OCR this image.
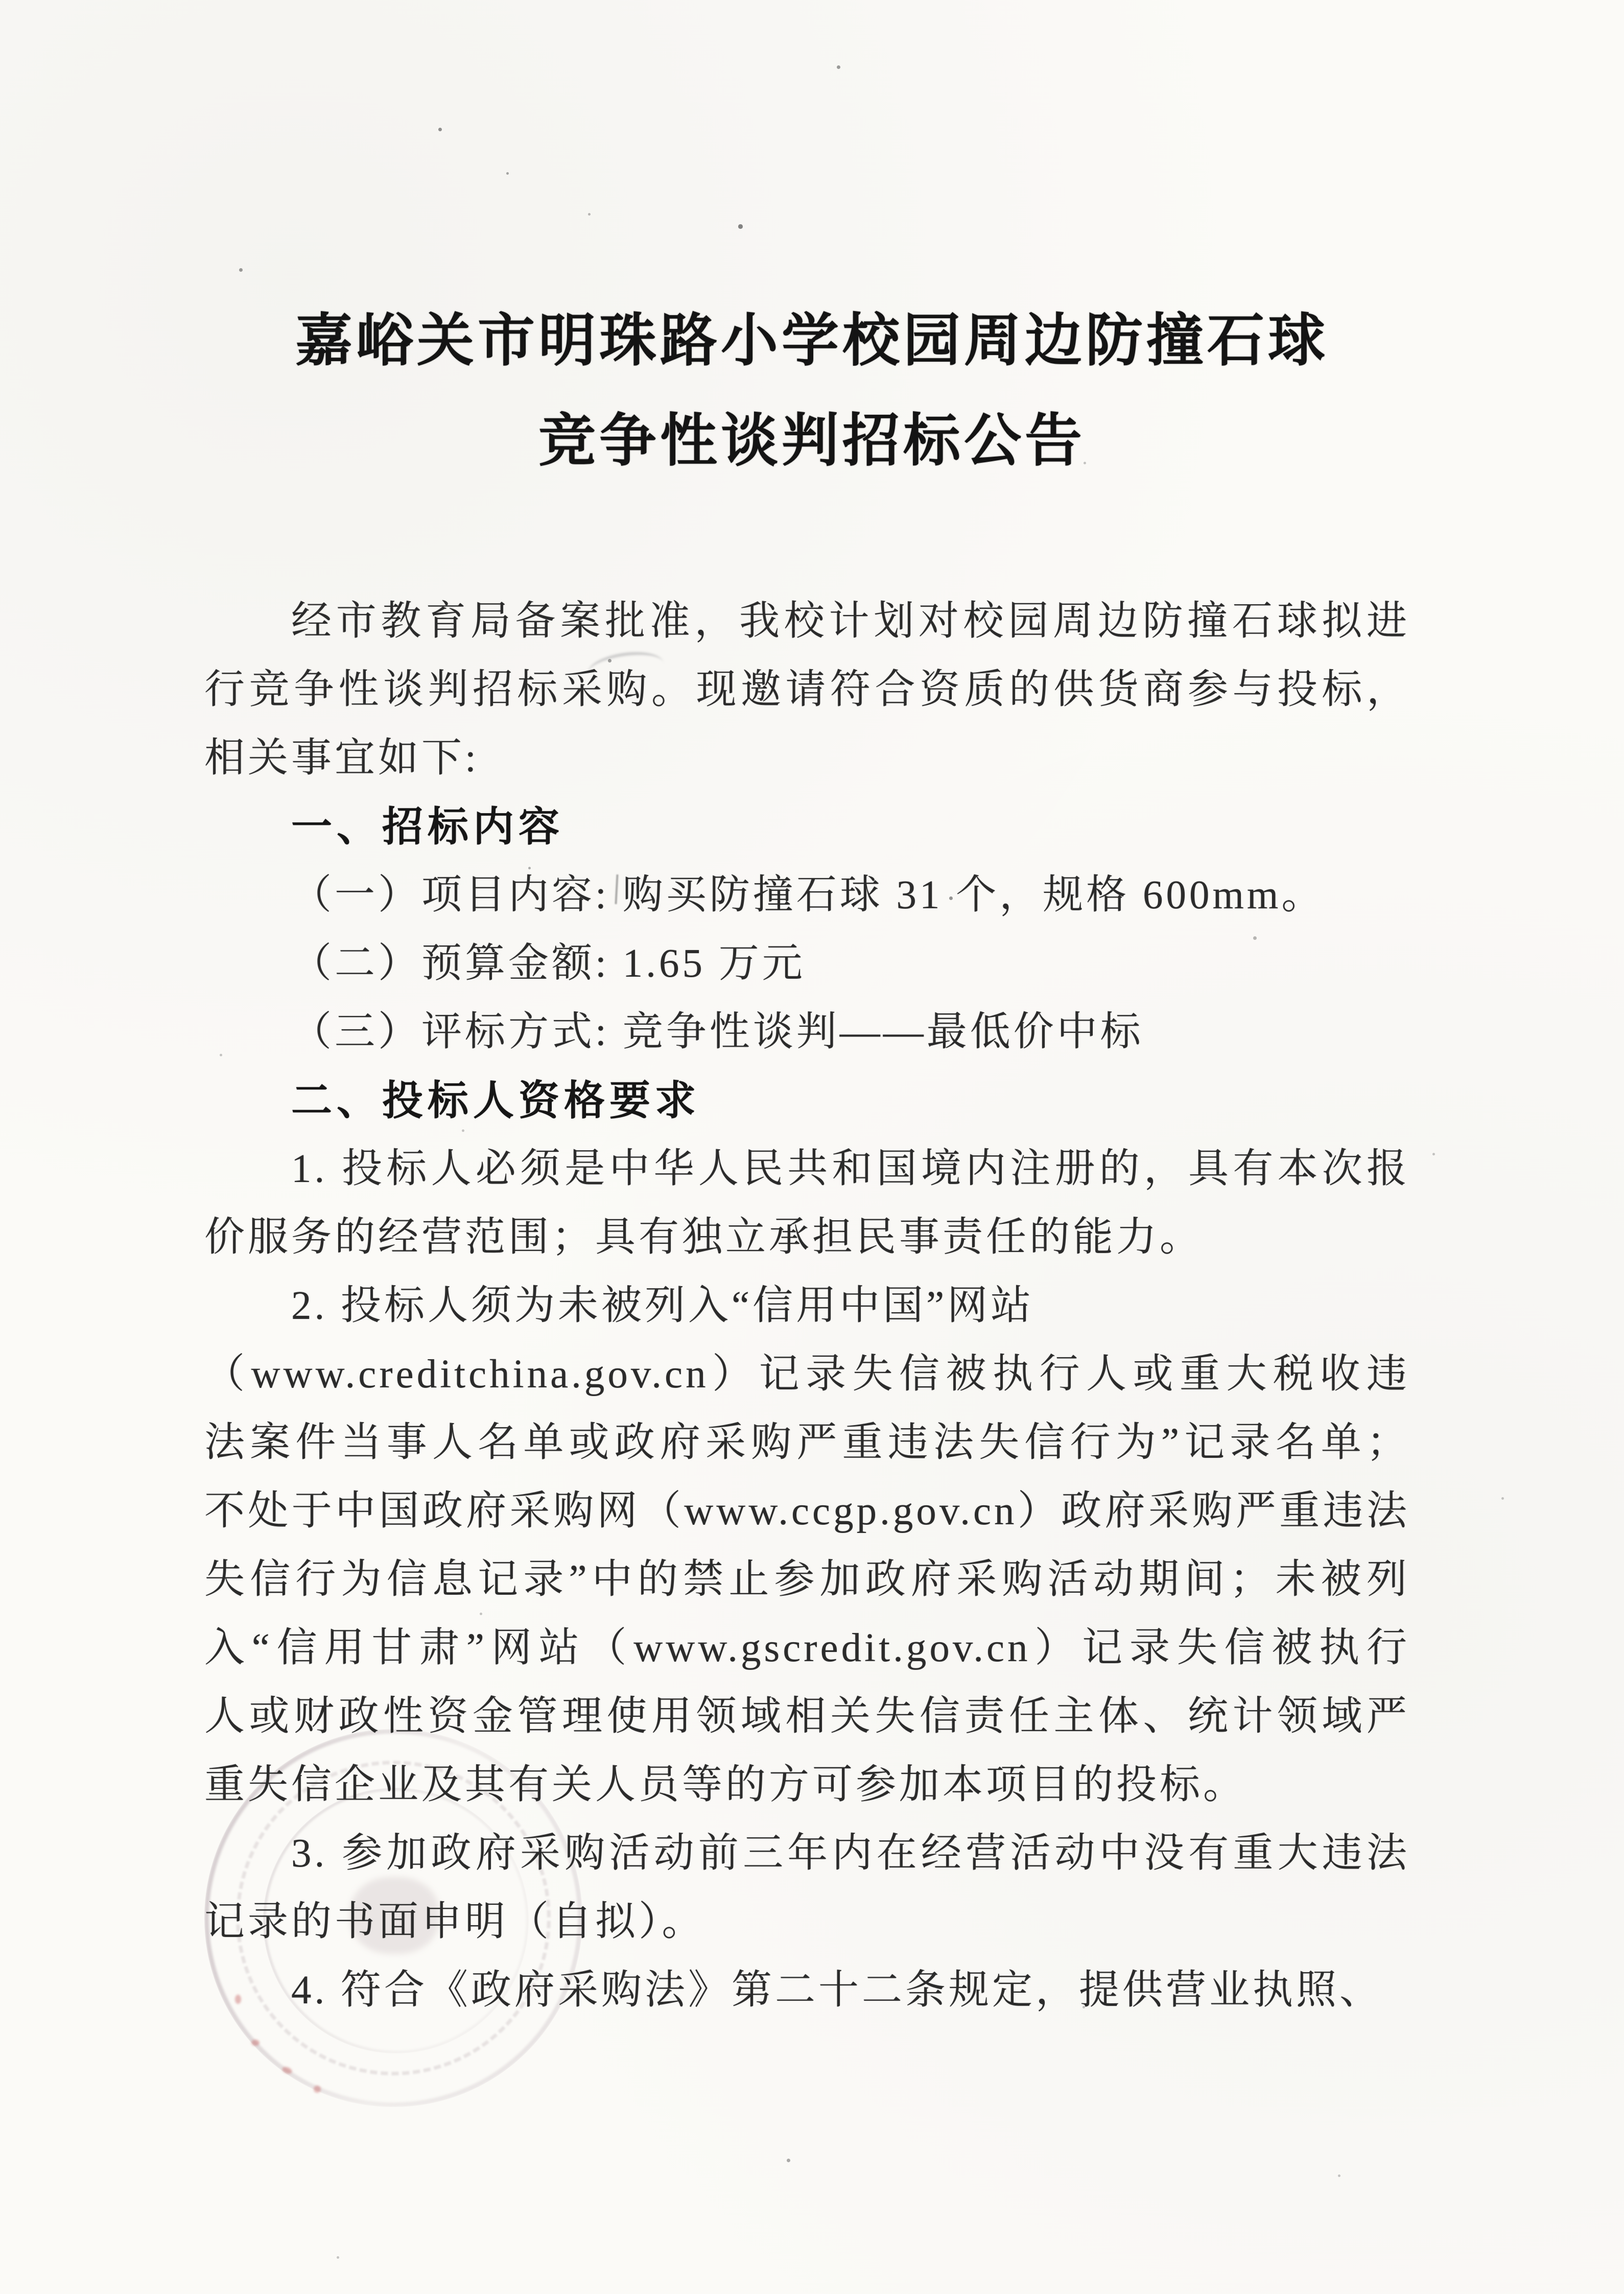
嘉峪关市明珠路小学校园周边防撞石球
竞争性谈判招标公告
经市教育局备案批准，我校计划对校园周边防撞石球拟进
行竞争性谈判招标采购。现邀请符合资质的供货商参与投标，
相关事宜如下:
一、招标内容
（一）项目内容: 购买防撞石球 31 个，规格 600mm。
（二）预算金额: 1.65 万元
（三）评标方式: 竞争性谈判——最低价中标
二、投标人资格要求
1. 投标人必须是中华人民共和国境内注册的，具有本次报
价服务的经营范围；具有独立承担民事责任的能力。
2. 投标人须为未被列入“信用中国”网站
（www.creditchina.gov.cn）记录失信被执行人或重大税收违
法案件当事人名单或政府采购严重违法失信行为”记录名单；
不处于中国政府采购网（www.ccgp.gov.cn）政府采购严重违法
失信行为信息记录”中的禁止参加政府采购活动期间；未被列
入“信用甘肃”网站（www.gscredit.gov.cn）记录失信被执行
人或财政性资金管理使用领域相关失信责任主体、统计领域严
重失信企业及其有关人员等的方可参加本项目的投标。
3. 参加政府采购活动前三年内在经营活动中没有重大违法
记录的书面申明（自拟）。
4. 符合《政府采购法》第二十二条规定，提供营业执照、
